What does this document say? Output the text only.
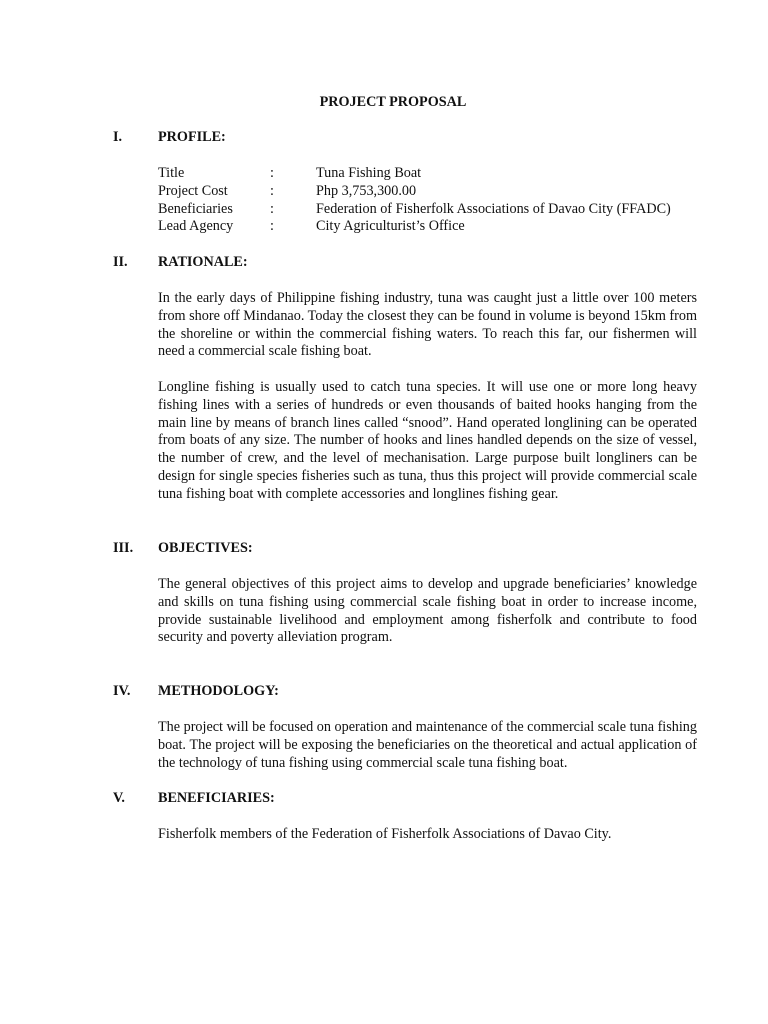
PROJECT PROPOSAL
I.	PROFILE:
Title	:	Tuna Fishing Boat
Project Cost	:	Php 3,753,300.00
Beneficiaries	:	Federation of Fisherfolk Associations of Davao City (FFADC)
Lead Agency	:	City Agriculturist’s Office
II. RATIONALE:

In the early days of Philippine fishing industry, tuna was caught just a little over 100 meters from shore off Mindanao. Today the closest they can be found in volume is beyond 15km from the shoreline or within the commercial fishing waters. To reach this far, our fishermen will need a commercial scale fishing boat.

Longline fishing is usually used to catch tuna species. It will use one or more long heavy fishing lines with a series of hundreds or even thousands of baited hooks hanging from the main line by means of branch lines called “snood”. Hand operated longlining can be operated from boats of any size. The number of hooks and lines handled depends on the size of vessel, the number of crew, and the level of mechanisation. Large purpose built longliners can be design for single species fisheries such as tuna, thus this project will provide commercial scale tuna fishing boat with complete accessories and longlines fishing gear.

III. OBJECTIVES:

The general objectives of this project aims to develop and upgrade beneficiaries’ knowledge and skills on tuna fishing using commercial scale fishing boat in order to increase income, provide sustainable livelihood and employment among fisherfolk and contribute to food security and poverty alleviation program.

IV. METHODOLOGY:

The project will be focused on operation and maintenance of the commercial scale tuna fishing boat. The project will be exposing the beneficiaries on the theoretical and actual application of the technology of tuna fishing using commercial scale tuna fishing boat.

V. BENEFICIARIES:

Fisherfolk members of the Federation of Fisherfolk Associations of Davao City.
